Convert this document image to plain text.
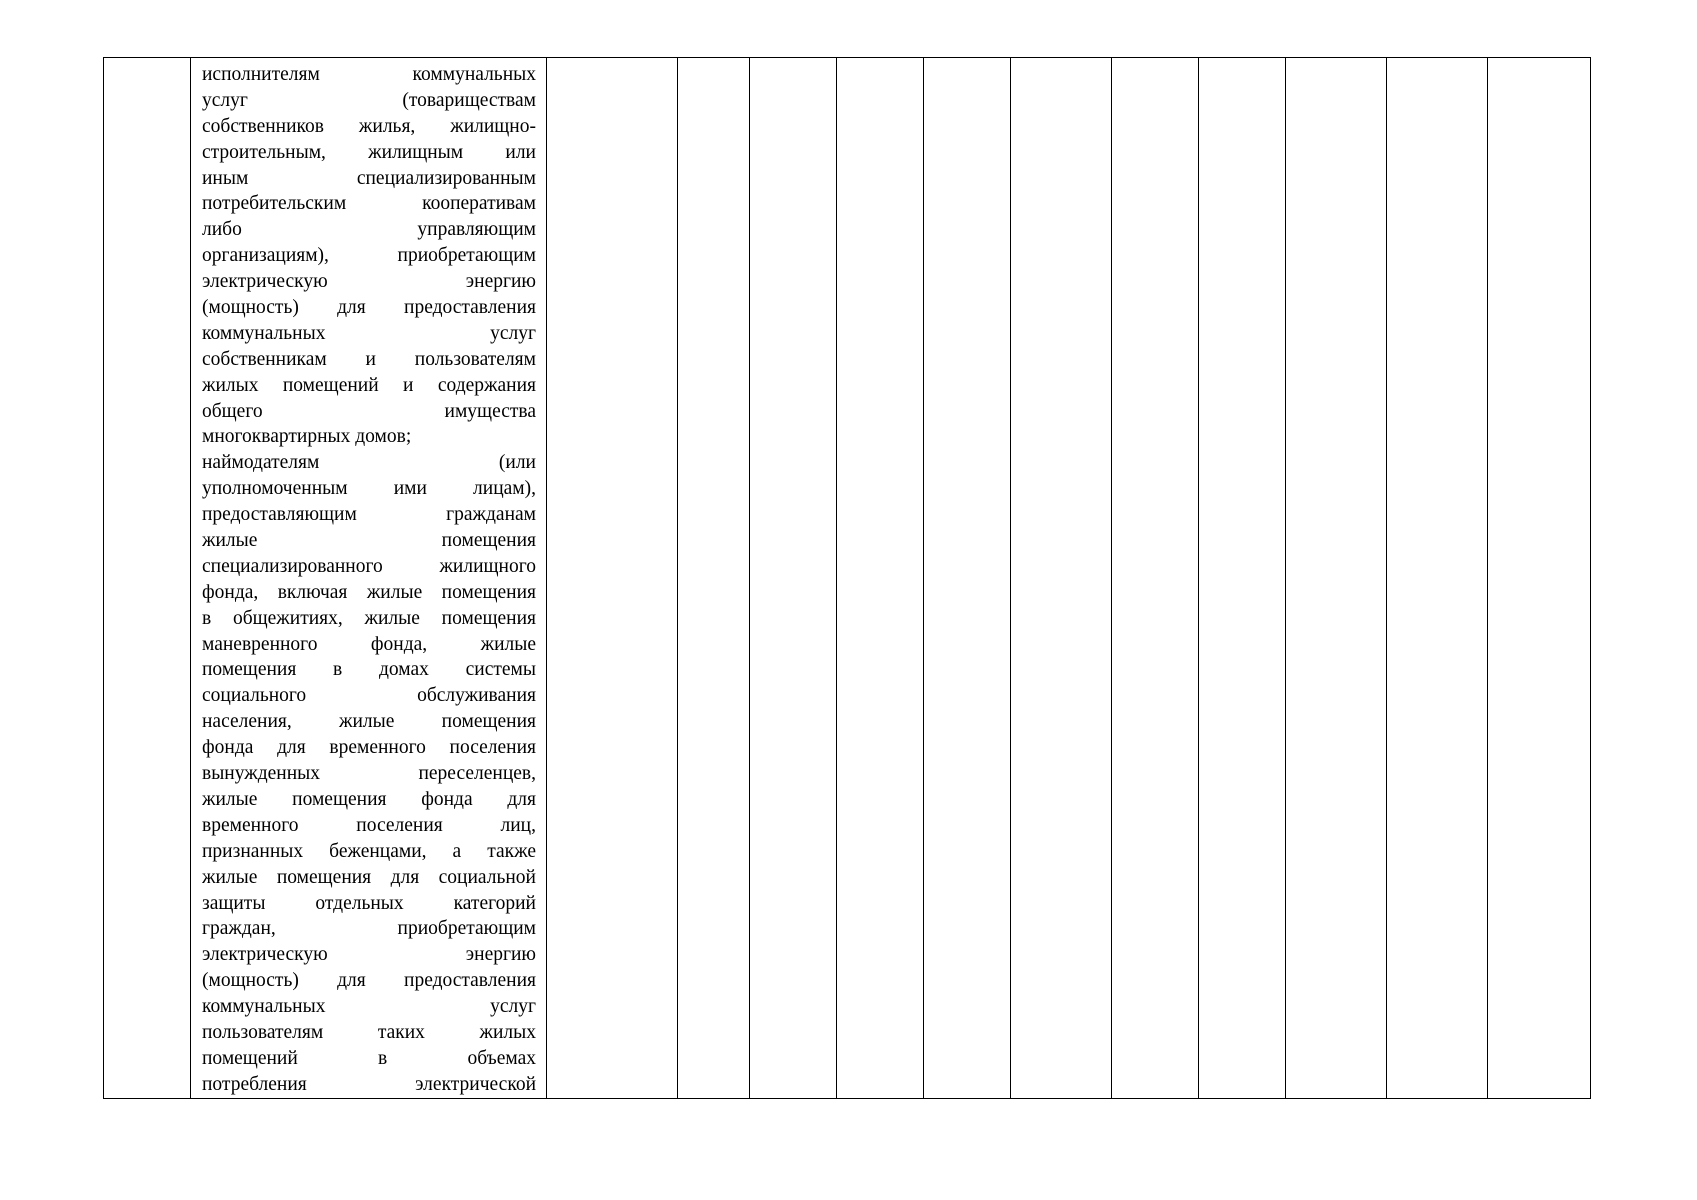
исполнителям коммунальных
услуг (товариществам
собственников жилья, жилищно-
строительным, жилищным или
иным специализированным
потребительским кооперативам
либо управляющим
организациям), приобретающим
электрическую энергию
(мощность) для предоставления
коммунальных услуг
собственникам и пользователям
жилых помещений и содержания
общего имущества
многоквартирных домов;
наймодателям (или
уполномоченным ими лицам),
предоставляющим гражданам
жилые помещения
специализированного жилищного
фонда, включая жилые помещения
в общежитиях, жилые помещения
маневренного фонда, жилые
помещения в домах системы
социального обслуживания
населения, жилые помещения
фонда для временного поселения
вынужденных переселенцев,
жилые помещения фонда для
временного поселения лиц,
признанных беженцами, а также
жилые помещения для социальной
защиты отдельных категорий
граждан, приобретающим
электрическую энергию
(мощность) для предоставления
коммунальных услуг
пользователям таких жилых
помещений в объемах
потребления электрической
